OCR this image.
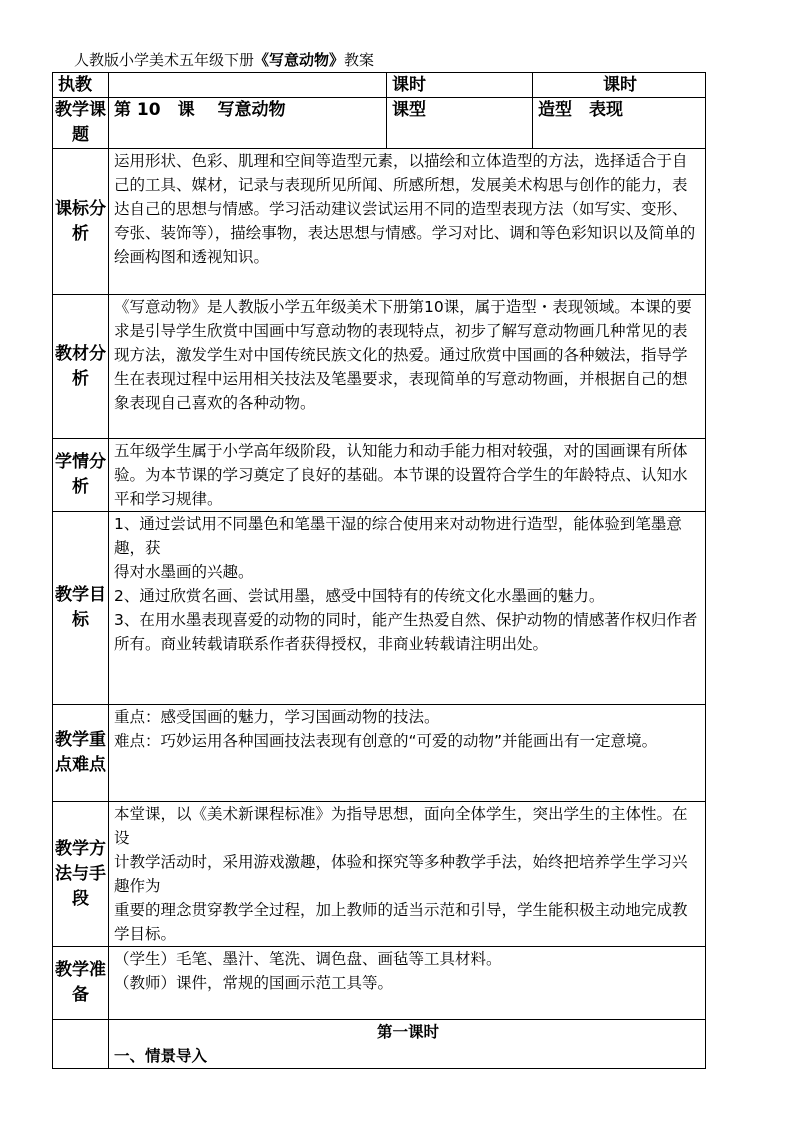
人教版小学美术五年级下册《写意动物》教案
执教		课时	课时
教学课题	第 10　课　 写意动物	课型	造型　表现
课标分析	运用形状、色彩、肌理和空间等造型元素，以描绘和立体造型的方法，选择适合于自己的工具、媒材，记录与表现所见所闻、所感所想，发展美术构思与创作的能力，表达自己的思想与情感。学习活动建议尝试运用不同的造型表现方法（如写实、变形、夸张、装饰等），描绘事物，表达思想与情感。学习对比、调和等色彩知识以及简单的绘画构图和透视知识。		

教材分析	《写意动物》是人教版小学五年级美术下册第10课，属于造型・表现领域。本课的要求是引导学生欣赏中国画中写意动物的表现特点，初步了解写意动物画几种常见的表现方法，激发学生对中国传统民族文化的热爱。通过欣赏中国画的各种皴法，指导学生在表现过程中运用相关技法及笔墨要求，表现简单的写意动物画，并根据自己的想象表现自己喜欢的各种动物。		

学情分析	五年级学生属于小学高年级阶段，认知能力和动手能力相对较强，对的国画课有所体验。为本节课的学习奠定了良好的基础。本节课的设置符合学生的年龄特点、认知水平和学习规律。		

教学目标	1、通过尝试用不同墨色和笔墨干湿的综合使用来对动物进行造型，能体验到笔墨意趣，获
得对水墨画的兴趣。
2、通过欣赏名画、尝试用墨，感受中国特有的传统文化水墨画的魅力。
3、在用水墨表现喜爱的动物的同时，能产生热爱自然、保护动物的情感著作权归作者所有。商业转载请联系作者获得授权，非商业转载请注明出处。		

教学重点难点	重点：感受国画的魅力，学习国画动物的技法。
难点：巧妙运用各种国画技法表现有创意的“可爱的动物”并能画出有一定意境。		

教学方法与手段	本堂课，以《美术新课程标准》为指导思想，面向全体学生，突出学生的主体性。在设
计教学活动时，采用游戏激趣，体验和探究等多种教学手法，始终把培养学生学习兴趣作为
重要的理念贯穿教学全过程，加上教师的适当示范和引导，学生能积极主动地完成教学目标。		

教学准备	（学生）毛笔、墨汁、笔洗、调色盘、画毡等工具材料。
（教师）课件，常规的国画示范工具等。		

	第一课时
一、情景导入		
